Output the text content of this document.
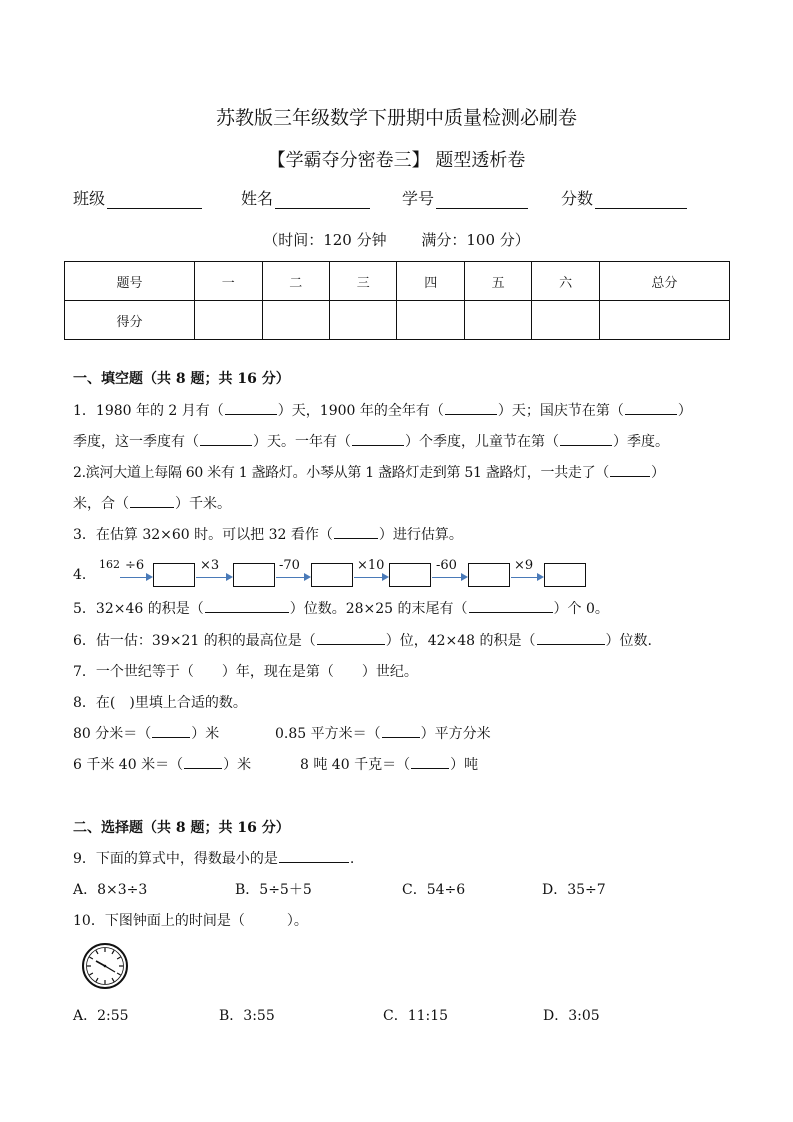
苏教版三年级数学下册期中质量检测必刷卷
【学霸夺分密卷三】 题型透析卷
班级	姓名	学号	分数
（时间：120 分钟　　 满分：100 分）
题号	一	二	三	四	五	六	总分
得分							
一、填空题（共 8 题；共 16 分）
1．1980 年的 2 月有（	）天，1900 年的全年有（	）天；国庆节在第（	）
季度，这一季度有（	）天。一年有（	）个季度，儿童节在第（	）季度。
2.滨河大道上每隔 60 米有 1 盏路灯。小琴从第 1 盏路灯走到第 51 盏路灯，一共走了（	）
米，合（	）千米。
3．在估算 32×60 时。可以把 32 看作（	）进行估算。
4．
162 ÷6	×3	-70	×10	-60	×9
5．32×46 的积是（	）位数。28×25 的末尾有（	）个 0。
6．估一估：39×21 的积的最高位是（	）位，42×48 的积是（	）位数.
7．一个世纪等于（　　）年，现在是第（　　）世纪。
8．在(　)里填上合适的数。
80 分米＝（	）米	0.85 平方米＝（	）平方分米
6 千米 40 米＝（	）米	8 吨 40 千克＝（	）吨
二、选择题（共 8 题；共 16 分）
9．下面的算式中，得数最小的是	.
A．8×3÷3	B．5÷5＋5	C．54÷6	D．35÷7
10．下图钟面上的时间是（　　　）。
A．2:55	B．3:55	C．11:15	D．3:05
